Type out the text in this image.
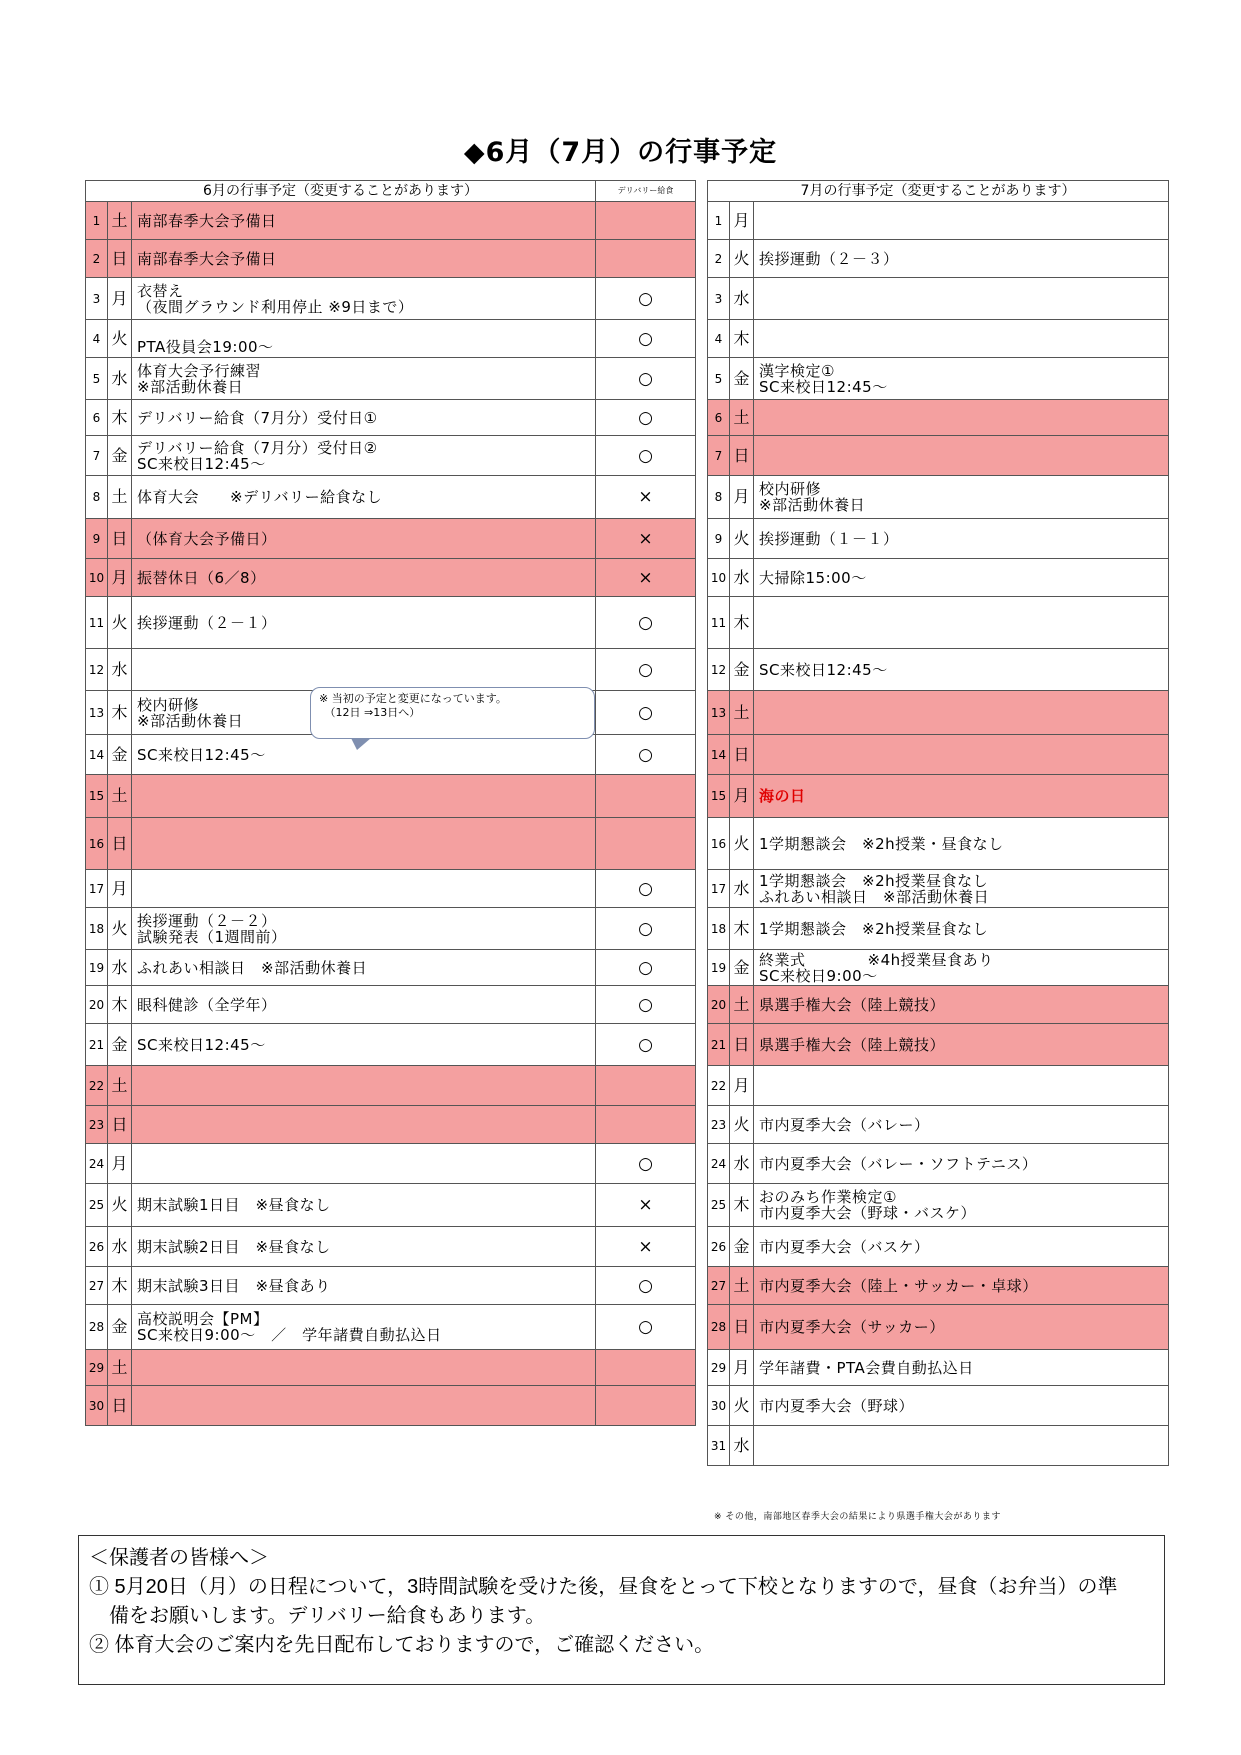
◆6月（7月）の行事予定
6月の行事予定（変更することがあります）			デリバリー給食
1	土	南部春季大会予備日	
2	日	南部春季大会予備日	
3	月	衣替え
（夜間グラウンド利用停止 ※9日まで）	○
4	火	
PTA役員会19:00～	○
5	水	体育大会予行練習
※部活動休養日	○
6	木	デリバリー給食（7月分）受付日①	○
7	金	デリバリー給食（7月分）受付日②
SC来校日12:45～	○
8	土	体育大会　　※デリバリー給食なし	×
9	日	（体育大会予備日）	×
10	月	振替休日（6／8）	×
11	火	挨拶運動（２－１）	○
12	水		○
13	木	校内研修
※部活動休養日	○
14	金	SC来校日12:45～	○
15	土		
16	日		
17	月		○
18	火	挨拶運動（２－２）
試験発表（1週間前）	○
19	水	ふれあい相談日　※部活動休養日	○
20	木	眼科健診（全学年）	○
21	金	SC来校日12:45～	○
22	土		
23	日		
24	月		○
25	火	期末試験1日目　※昼食なし	×
26	水	期末試験2日目　※昼食なし	×
27	木	期末試験3日目　※昼食あり	○
28	金	高校説明会【PM】
SC来校日9:00～　／　学年諸費自動払込日	○
29	土		
30	日		
7月の行事予定（変更することがあります）		
1	月	
2	火	挨拶運動（２－３）
3	水	
4	木	
5	金	漢字検定①
SC来校日12:45～
6	土	
7	日	
8	月	校内研修
※部活動休養日
9	火	挨拶運動（１－１）
10	水	大掃除15:00～
11	木	
12	金	SC来校日12:45～
13	土	
14	日	
15	月	海の日
16	火	1学期懇談会　※2h授業・昼食なし
17	水	1学期懇談会　※2h授業昼食なし
ふれあい相談日　※部活動休養日
18	木	1学期懇談会　※2h授業昼食なし
19	金	終業式　　　　※4h授業昼食あり
SC来校日9:00～
20	土	県選手権大会（陸上競技）
21	日	県選手権大会（陸上競技）
22	月	
23	火	市内夏季大会（バレー）
24	水	市内夏季大会（バレー・ソフトテニス）
25	木	おのみち作業検定①
市内夏季大会（野球・バスケ）
26	金	市内夏季大会（バスケ）
27	土	市内夏季大会（陸上・サッカー・卓球）
28	日	市内夏季大会（サッカー）
29	月	学年諸費・PTA会費自動払込日
30	火	市内夏季大会（野球）
31	水	
※ 当初の予定と変更になっています。
　（12日 ⇒13日へ）
※ その他，南部地区春季大会の結果により県選手権大会があります
＜保護者の皆様へ＞
① 5月20日（月）の日程について，3時間試験を受けた後，昼食をとって下校となりますので，昼食（お弁当）の準
　備をお願いします。デリバリー給食もあります。
② 体育大会のご案内を先日配布しておりますので，ご確認ください。
